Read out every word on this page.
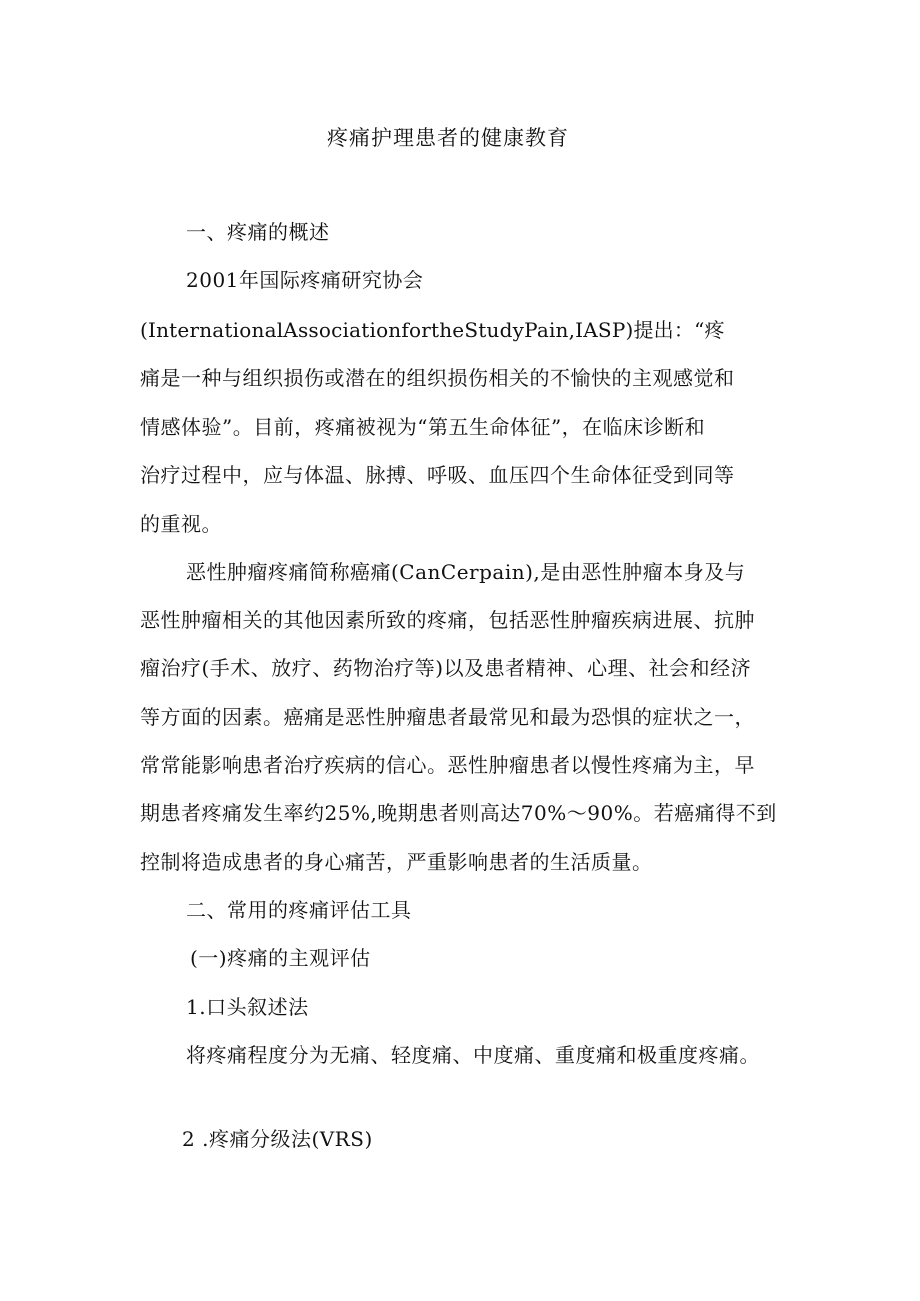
疼痛护理患者的健康教育
一、疼痛的概述
2001年国际疼痛研究协会
(InternationalAssociationfortheStudyPain,IASP)提出：“疼
痛是一种与组织损伤或潜在的组织损伤相关的不愉快的主观感觉和
情感体验”。目前，疼痛被视为“第五生命体征”，在临床诊断和
治疗过程中，应与体温、脉搏、呼吸、血压四个生命体征受到同等
的重视。
恶性肿瘤疼痛简称癌痛(CanCerpain),是由恶性肿瘤本身及与
恶性肿瘤相关的其他因素所致的疼痛，包括恶性肿瘤疾病进展、抗肿
瘤治疗(手术、放疗、药物治疗等)以及患者精神、心理、社会和经济
等方面的因素。癌痛是恶性肿瘤患者最常见和最为恐惧的症状之一，
常常能影响患者治疗疾病的信心。恶性肿瘤患者以慢性疼痛为主，早
期患者疼痛发生率约25%,晚期患者则高达70%～90%。若癌痛得不到
控制将造成患者的身心痛苦，严重影响患者的生活质量。
二、常用的疼痛评估工具
(一)疼痛的主观评估
1.口头叙述法
将疼痛程度分为无痛、轻度痛、中度痛、重度痛和极重度疼痛。
2 .疼痛分级法(VRS)
